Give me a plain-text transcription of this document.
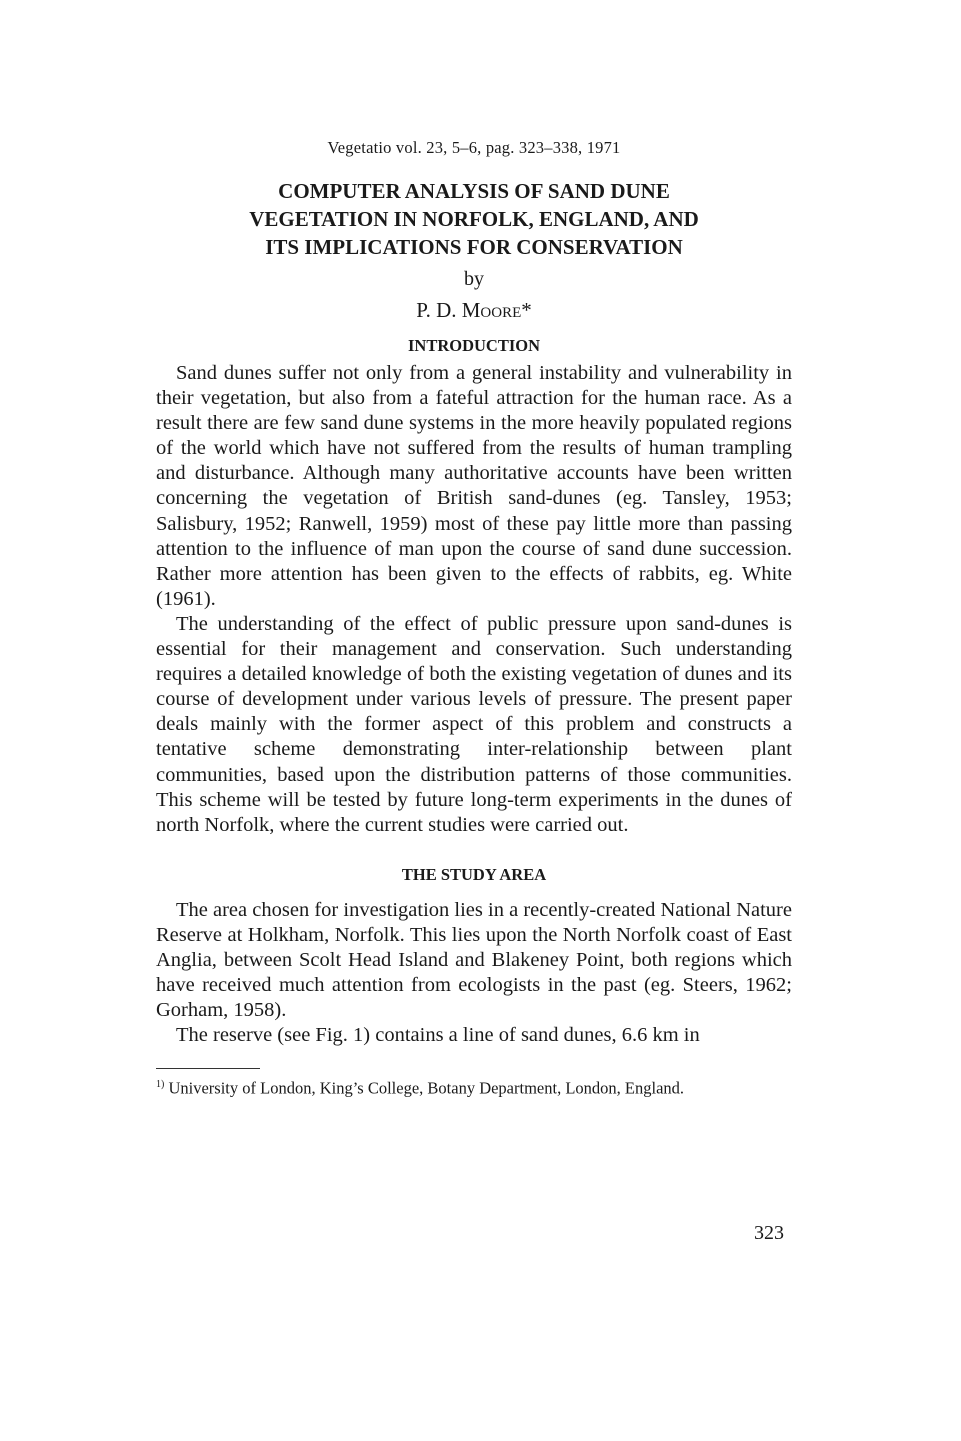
Vegetatio vol. 23, 5–6, pag. 323–338, 1971

COMPUTER ANALYSIS OF SAND DUNE
VEGETATION IN NORFOLK, ENGLAND, AND
ITS IMPLICATIONS FOR CONSERVATION

by

P. D. Moore*

INTRODUCTION

Sand dunes suffer not only from a general instability and vulnerability in their vegetation, but also from a fateful attraction for the human race. As a result there are few sand dune systems in the more heavily populated regions of the world which have not suffered from the results of human trampling and disturbance. Although many authoritative accounts have been written concerning the vegetation of British sand-dunes (eg. Tansley, 1953; Salisbury, 1952; Ranwell, 1959) most of these pay little more than passing attention to the influence of man upon the course of sand dune succession. Rather more attention has been given to the effects of rabbits, eg. White (1961).

The understanding of the effect of public pressure upon sand-dunes is essential for their management and conservation. Such understanding requires a detailed knowledge of both the existing vegetation of dunes and its course of development under various levels of pressure. The present paper deals mainly with the former aspect of this problem and constructs a tentative scheme demonstrating inter-relationship between plant communities, based upon the distribution patterns of those communities. This scheme will be tested by future long-term experiments in the dunes of north Norfolk, where the current studies were carried out.

THE STUDY AREA

The area chosen for investigation lies in a recently-created National Nature Reserve at Holkham, Norfolk. This lies upon the North Norfolk coast of East Anglia, between Scolt Head Island and Blakeney Point, both regions which have received much attention from ecologists in the past (eg. Steers, 1962; Gorham, 1958).

The reserve (see Fig. 1) contains a line of sand dunes, 6.6 km in

$^{1)}$ University of London, King’s College, Botany Department, London, England.

323
